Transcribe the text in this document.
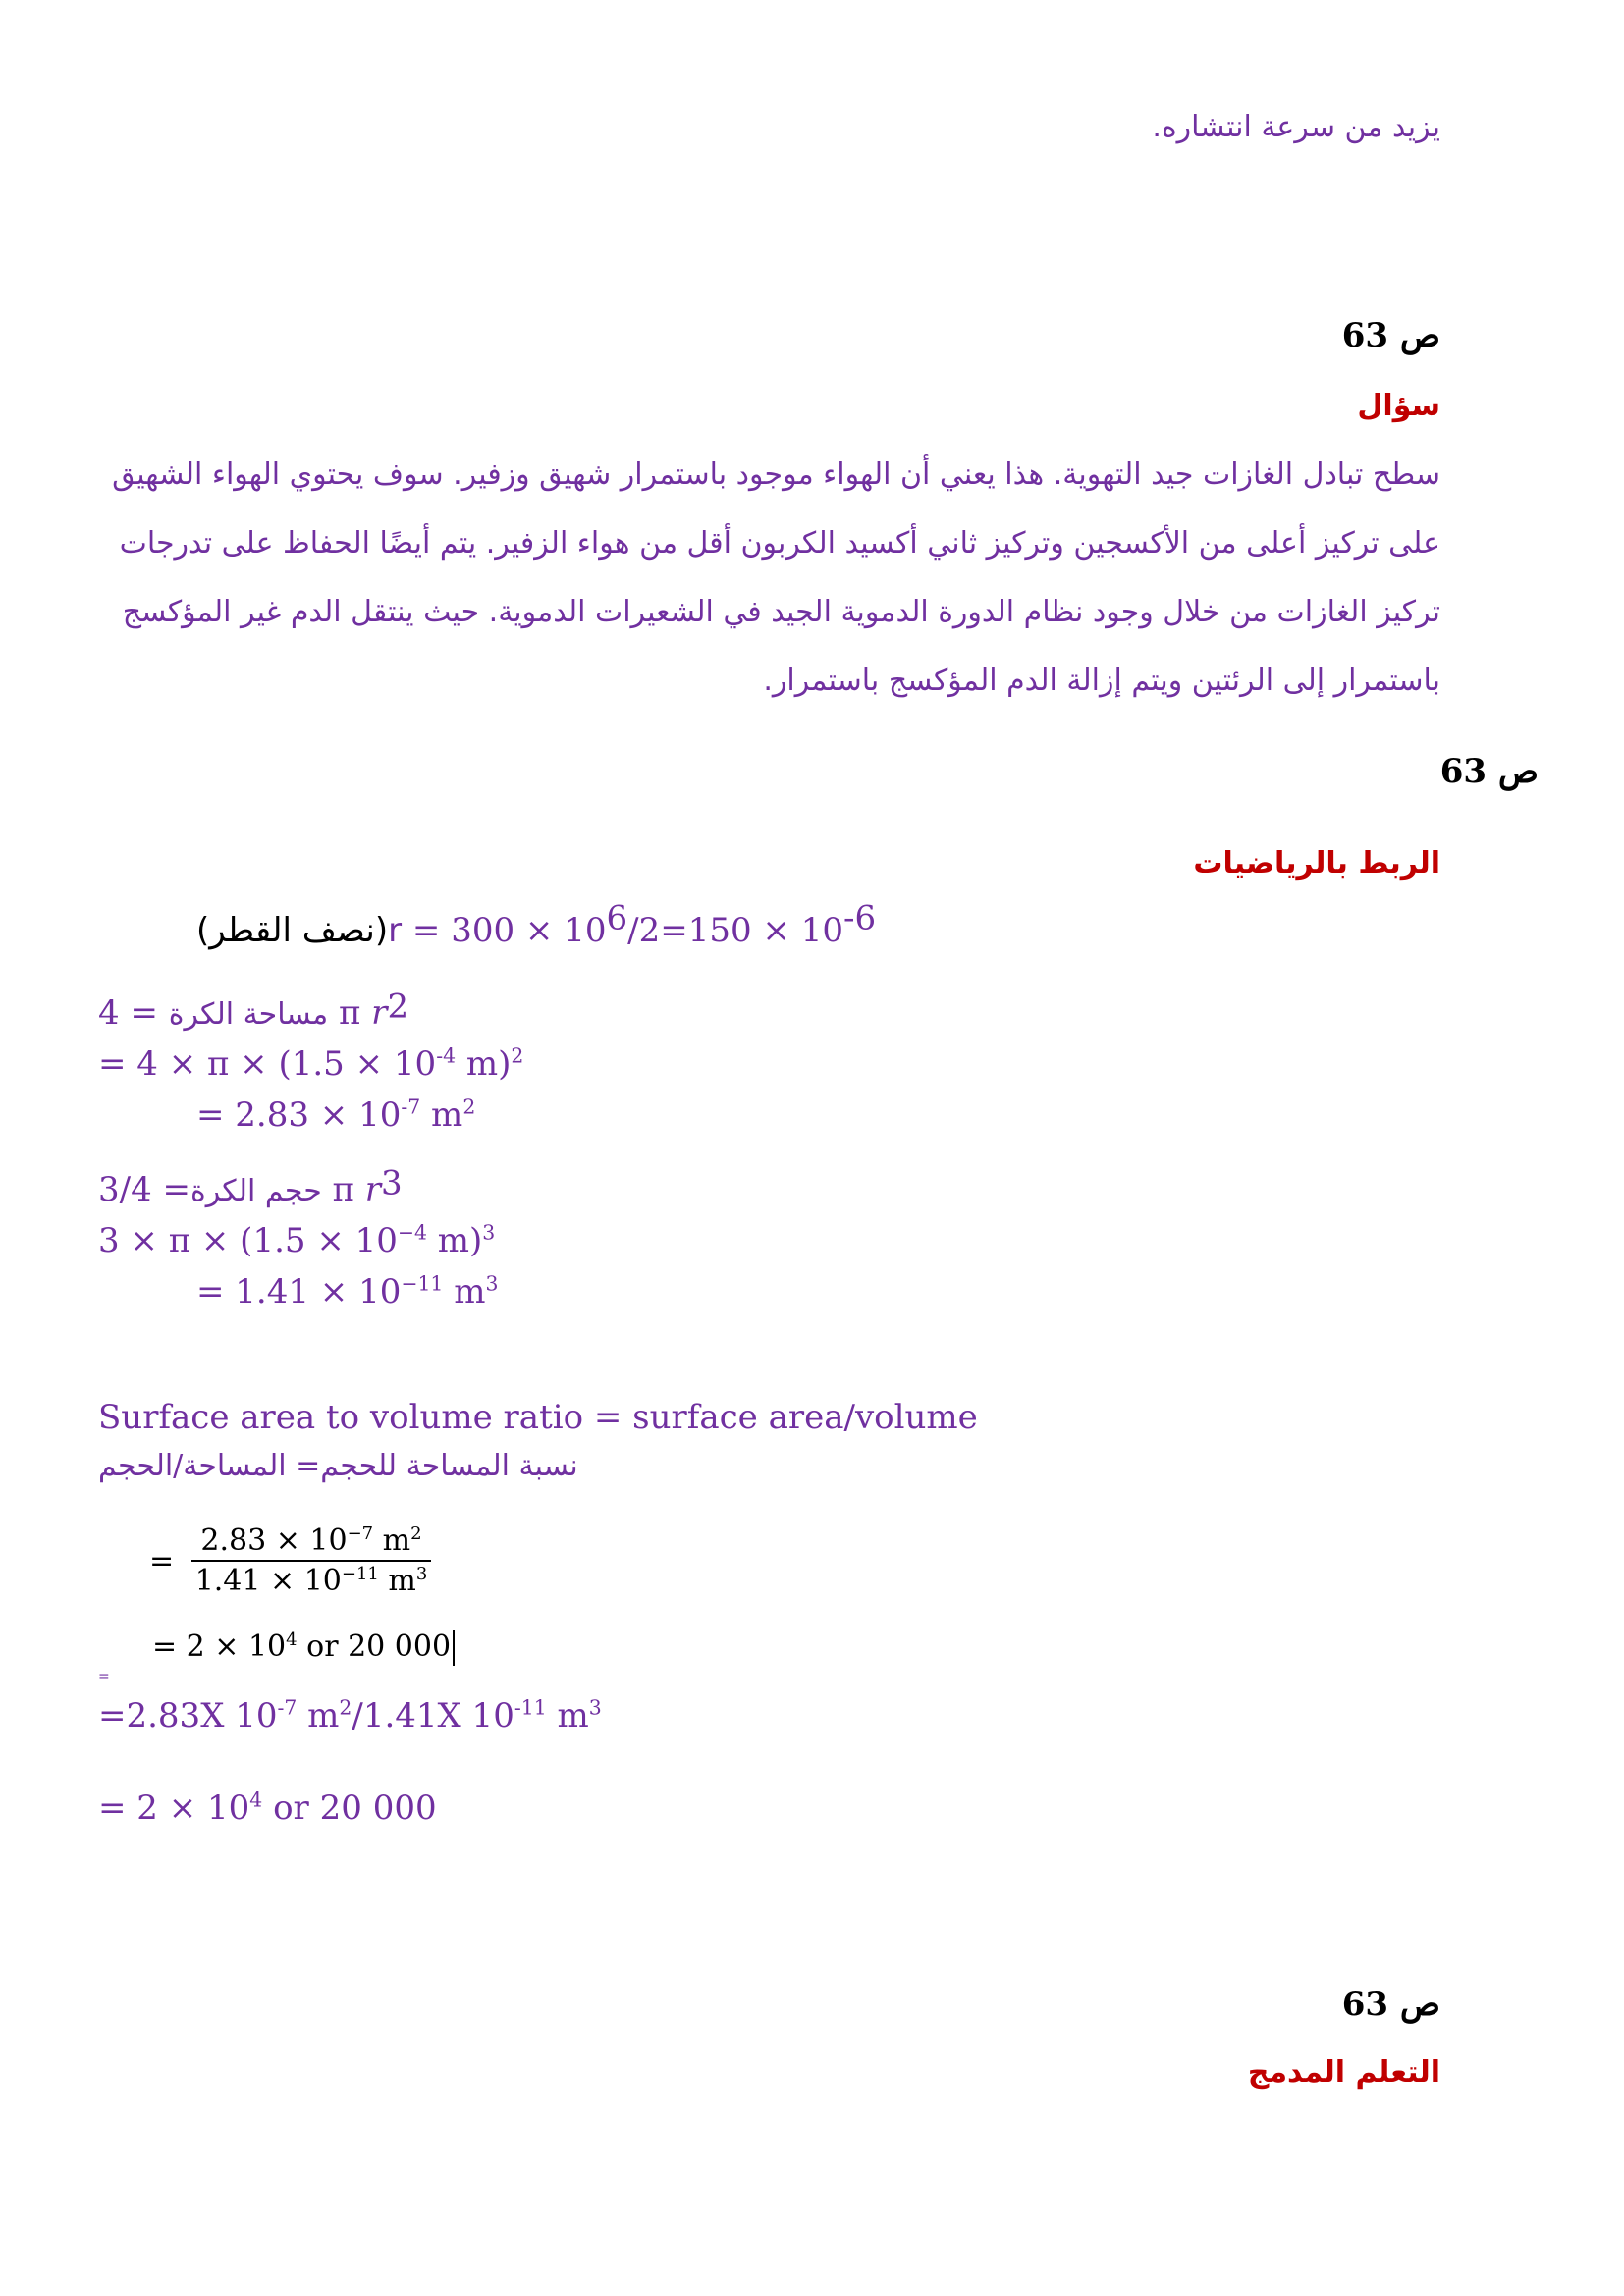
يزيد من سرعة انتشاره.
ص 63
سؤال
سطح تبادل الغازات جيد التهوية. هذا يعني أن الهواء موجود باستمرار شهيق وزفير. سوف يحتوي الهواء الشهيق
على تركيز أعلى من الأكسجين وتركيز ثاني أكسيد الكربون أقل من هواء الزفير. يتم أيضًا الحفاظ على تدرجات
تركيز الغازات من خلال وجود نظام الدورة الدموية الجيد في الشعيرات الدموية. حيث ينتقل الدم غير المؤكسج
باستمرار إلى الرئتين ويتم إزالة الدم المؤكسج باستمرار.
ص 63
الربط بالرياضيات
(نصف القطر)r = $300 \times 10^6/2=150 \times 10^{-6}$
مساحة الكرة = 4 π $r^2$
= $4 \times \pi \times (1.5 \times 10^{-4}$ m)$^2$
= $2.83 \times 10^{-7}$ $m^2$
حجم الكرة= 3/4 π $r^3$
$3 \times \pi \times (1.5 \times 10^{-4}$ m)$^3$
= $1.41 \times 10^{-11}$ $m^3$
Surface area to volume ratio = surface area/volume
نسبة المساحة للحجم= المساحة/الحجم
= $\frac{2.83 \times 10^{-7} m^2}{1.41 \times 10^{-11} m^3}$
= $2 \times 10^4$ or 20 000
=
=2.83X $10^{-7}$ $m^2/1.41X$ $10^{-11}$ $m^3$
= $2 \times 10^4$ or 20 000
ص 63
التعلم المدمج
